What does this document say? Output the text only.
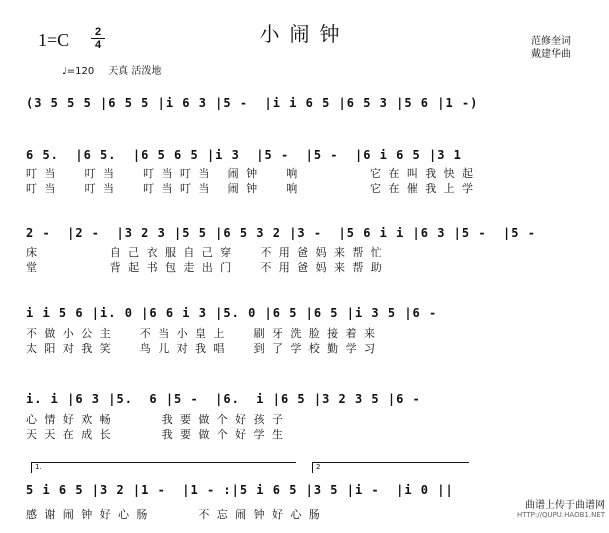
小闹钟
1=C	2
4
♩=120 天真 活泼地
范修奎词
戴建华曲
(3 5 5 5 |6 5 5 |i 6 3 |5 -  |i i 6 5 |6 5 3 |5 6 |1 -)
6 5.  |6 5.  |6 5 6 5 |i 3  |5 -  |5 -  |6 i 6 5 |3 1
叮当  叮当  叮当叮当 闹钟  响      它在叫我快起
叮当  叮当  叮当叮当 闹钟  响      它在催我上学
2 -  |2 -  |3 2 3 |5 5 |6 5 3 2 |3 -  |5 6 i i |6 3 |5 -  |5 -
床      自己衣服自己穿  不用爸妈来帮忙
堂      背起书包走出门  不用爸妈来帮助
i i 5 6 |i. 0 |6 6 i 3 |5. 0 |6 5 |6 5 |i 3 5 |6 -
不做小公主  不当小皇上  刷牙洗脸接着来
太阳对我笑  鸟儿对我唱  到了学校勤学习
i. i |6 3 |5.  6 |5 -  |6.  i |6 5 |3 2 3 5 |6 -
心情好欢畅    我要做个好孩子
天天在成长    我要做个好学生
1.	2
5 i 6 5 |3 2 |1 -  |1 - :|5 i 6 5 |3 5 |i -  |i 0 ||
感谢闹钟好心肠    不忘闹钟好心肠
曲谱上传于曲谱网
HTTP://QUPU.HAOB1.NET
